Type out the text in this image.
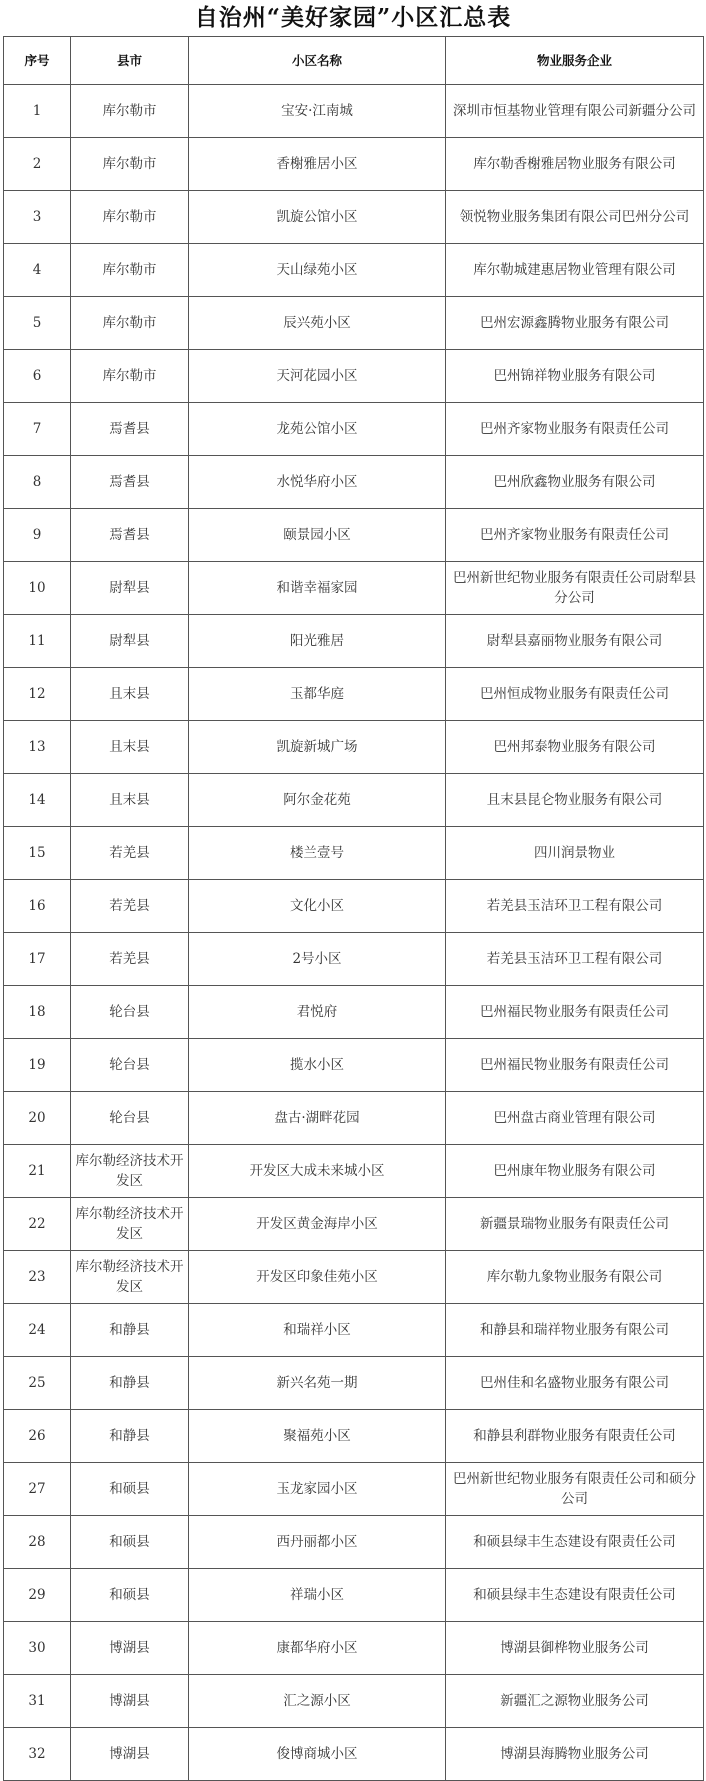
自治州“美好家园”小区汇总表
序号	县市	小区名称	物业服务企业
1	库尔勒市	宝安·江南城	深圳市恒基物业管理有限公司新疆分公司
2	库尔勒市	香榭雅居小区	库尔勒香榭雅居物业服务有限公司
3	库尔勒市	凯旋公馆小区	领悦物业服务集团有限公司巴州分公司
4	库尔勒市	天山绿苑小区	库尔勒城建惠居物业管理有限公司
5	库尔勒市	辰兴苑小区	巴州宏源鑫腾物业服务有限公司
6	库尔勒市	天河花园小区	巴州锦祥物业服务有限公司
7	焉耆县	龙苑公馆小区	巴州齐家物业服务有限责任公司
8	焉耆县	水悦华府小区	巴州欣鑫物业服务有限公司
9	焉耆县	颐景园小区	巴州齐家物业服务有限责任公司
10	尉犁县	和谐幸福家园	巴州新世纪物业服务有限责任公司尉犁县分公司
11	尉犁县	阳光雅居	尉犁县嘉丽物业服务有限公司
12	且末县	玉都华庭	巴州恒成物业服务有限责任公司
13	且末县	凯旋新城广场	巴州邦泰物业服务有限公司
14	且末县	阿尔金花苑	且末县昆仑物业服务有限公司
15	若羌县	楼兰壹号	四川润景物业
16	若羌县	文化小区	若羌县玉洁环卫工程有限公司
17	若羌县	2号小区	若羌县玉洁环卫工程有限公司
18	轮台县	君悦府	巴州福民物业服务有限责任公司
19	轮台县	揽水小区	巴州福民物业服务有限责任公司
20	轮台县	盘古·湖畔花园	巴州盘古商业管理有限公司
21	库尔勒经济技术开发区	开发区大成未来城小区	巴州康年物业服务有限公司
22	库尔勒经济技术开发区	开发区黄金海岸小区	新疆景瑞物业服务有限责任公司
23	库尔勒经济技术开发区	开发区印象佳苑小区	库尔勒九象物业服务有限公司
24	和静县	和瑞祥小区	和静县和瑞祥物业服务有限公司
25	和静县	新兴名苑一期	巴州佳和名盛物业服务有限公司
26	和静县	聚福苑小区	和静县利群物业服务有限责任公司
27	和硕县	玉龙家园小区	巴州新世纪物业服务有限责任公司和硕分公司
28	和硕县	西丹丽都小区	和硕县绿丰生态建设有限责任公司
29	和硕县	祥瑞小区	和硕县绿丰生态建设有限责任公司
30	博湖县	康都华府小区	博湖县御桦物业服务公司
31	博湖县	汇之源小区	新疆汇之源物业服务公司
32	博湖县	俊博商城小区	博湖县海腾物业服务公司
